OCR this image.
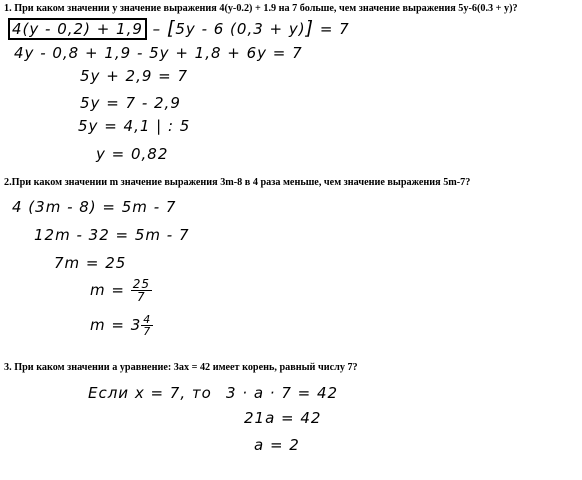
1. При каком значении y значение выражения 4(y-0.2) + 1.9 на 7 больше, чем значение выражения 5y-6(0.3 + y)?

4(y - 0,2) + 1,9 – [5y - 6 (0,3 + y)] = 7
4y - 0,8 + 1,9 - 5y + 1,8 + 6y = 7
5y + 2,9 = 7
5y = 7 - 2,9
5y = 4,1 | : 5
y = 0,82

2.При каком значении m значение выражения 3m-8 в 4 раза меньше, чем значение выражения 5m-7?

4 (3m - 8) = 5m - 7
12m - 32 = 5m - 7
7m = 25
$m = \frac{25}{7}$
$m = 3 \frac{4}{7}$

3. При каком значении a уравнение: 3ax = 42 имеет корень, равный числу 7?

Если x = 7, то 3 · a · 7 = 42
21a = 42
a = 2
